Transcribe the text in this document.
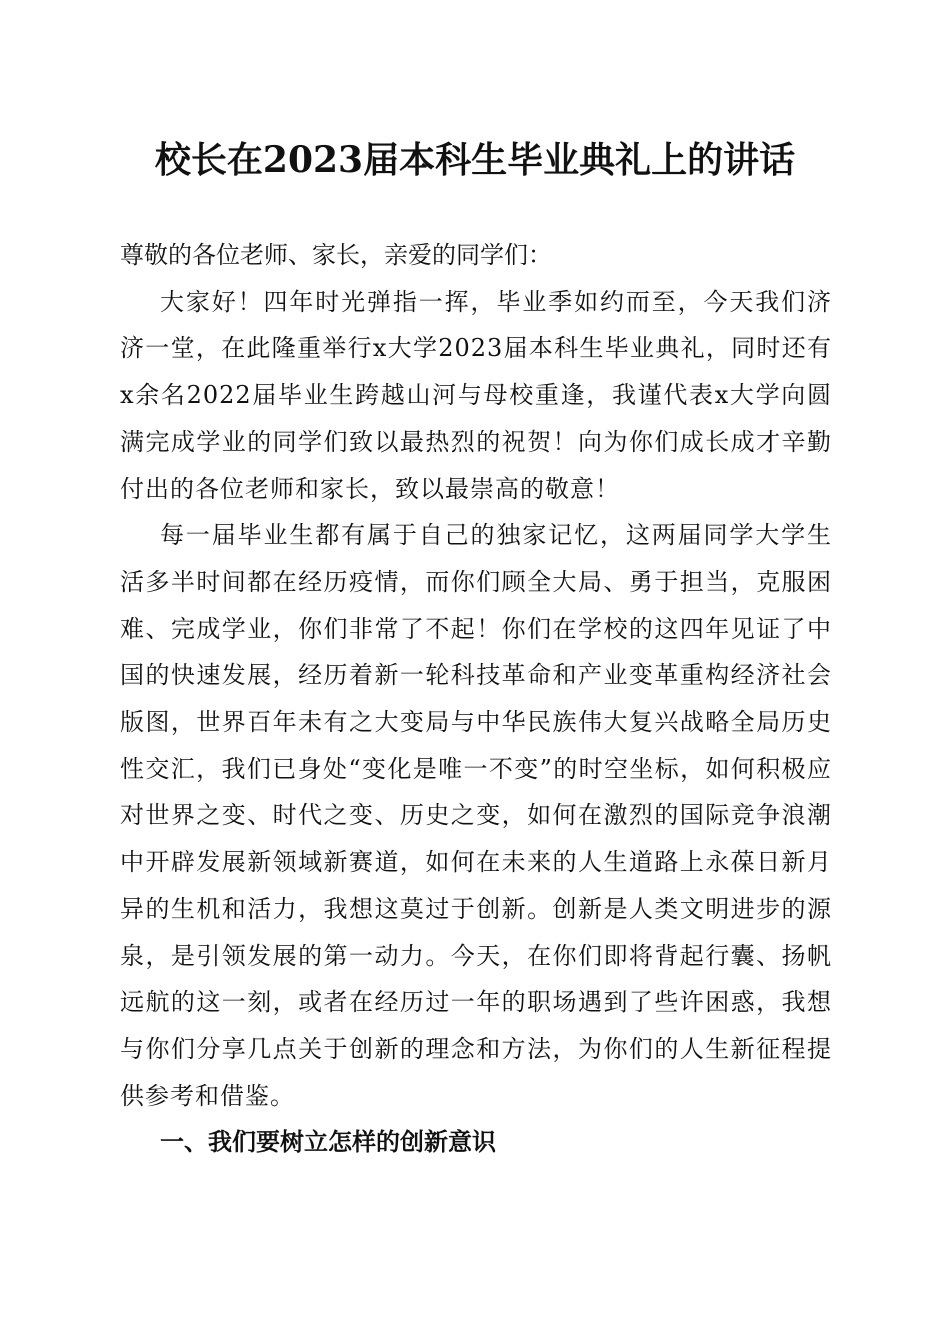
校长在2023届本科生毕业典礼上的讲话

尊敬的各位老师、家长，亲爱的同学们：

大家好！四年时光弹指一挥，毕业季如约而至，今天我们济济一堂，在此隆重举行x大学2023届本科生毕业典礼，同时还有x余名2022届毕业生跨越山河与母校重逢，我谨代表x大学向圆满完成学业的同学们致以最热烈的祝贺！向为你们成长成才辛勤付出的各位老师和家长，致以最崇高的敬意！

每一届毕业生都有属于自己的独家记忆，这两届同学大学生活多半时间都在经历疫情，而你们顾全大局、勇于担当，克服困难、完成学业，你们非常了不起！你们在学校的这四年见证了中国的快速发展，经历着新一轮科技革命和产业变革重构经济社会版图，世界百年未有之大变局与中华民族伟大复兴战略全局历史性交汇，我们已身处“变化是唯一不变”的时空坐标，如何积极应对世界之变、时代之变、历史之变，如何在激烈的国际竞争浪潮中开辟发展新领域新赛道，如何在未来的人生道路上永葆日新月异的生机和活力，我想这莫过于创新。创新是人类文明进步的源泉，是引领发展的第一动力。今天，在你们即将背起行囊、扬帆远航的这一刻，或者在经历过一年的职场遇到了些许困惑，我想与你们分享几点关于创新的理念和方法，为你们的人生新征程提供参考和借鉴。

一、我们要树立怎样的创新意识
